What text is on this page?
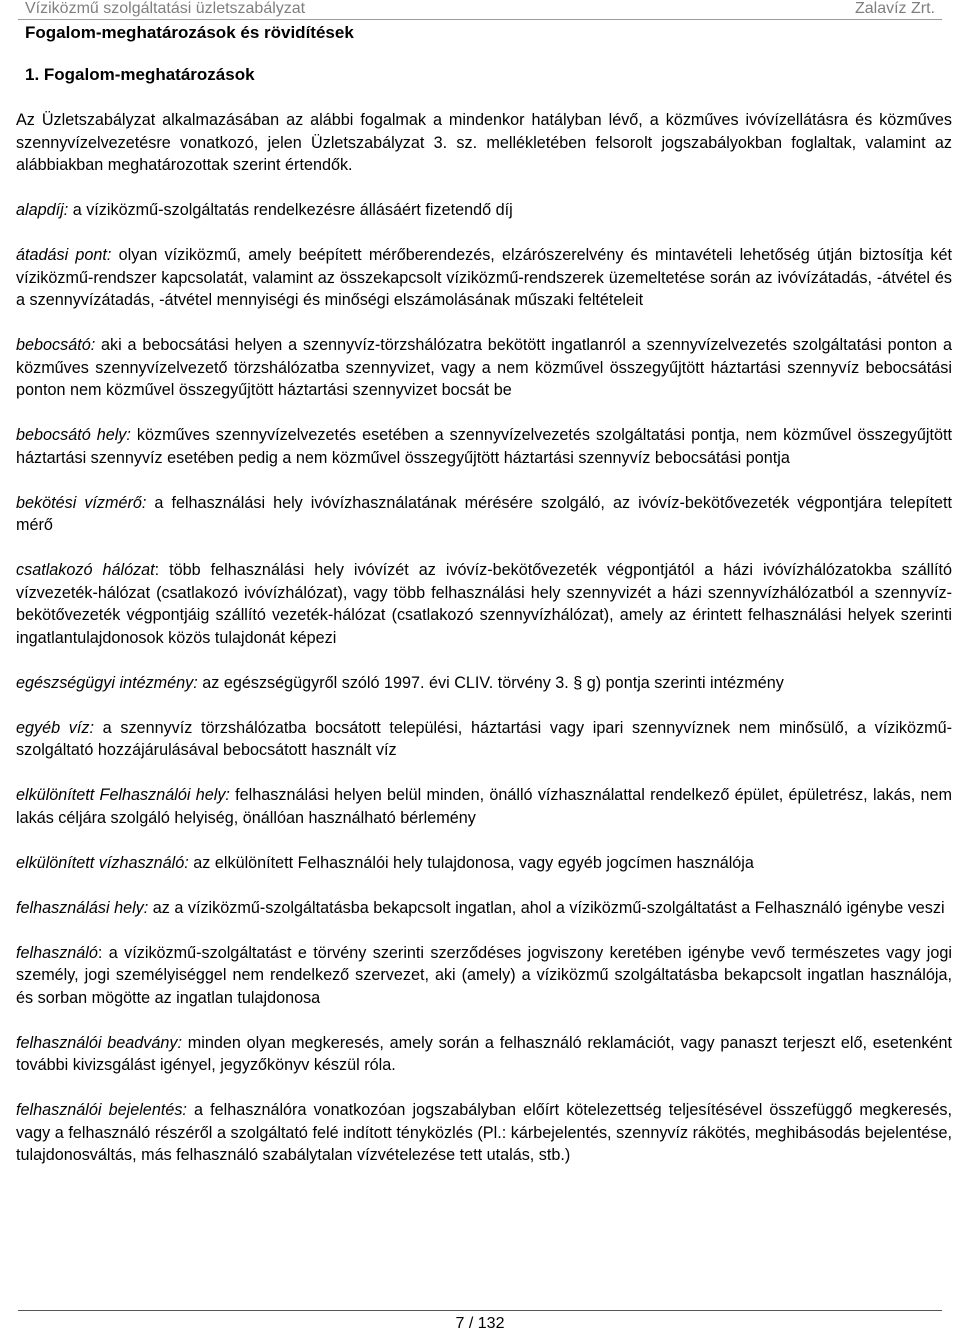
Víziközmű szolgáltatási üzletszabályzat	Zalavíz Zrt.
Fogalom-meghatározások és rövidítések
1. Fogalom-meghatározások

Az Üzletszabályzat alkalmazásában az alábbi fogalmak a mindenkor hatályban lévő, a közműves ivóvízellátásra és közműves szennyvízelvezetésre vonatkozó, jelen Üzletszabályzat 3. sz. mellékletében felsorolt jogszabályokban foglaltak, valamint az alábbiakban meghatározottak szerint értendők.

alapdíj: a víziközmű-szolgáltatás rendelkezésre állásáért fizetendő díj

átadási pont: olyan víziközmű, amely beépített mérőberendezés, elzárószerelvény és mintavételi lehetőség útján biztosítja két víziközmű-rendszer kapcsolatát, valamint az összekapcsolt víziközmű-rendszerek üzemeltetése során az ivóvízátadás, -átvétel és a szennyvízátadás, -átvétel mennyiségi és minőségi elszámolásának műszaki feltételeit

bebocsátó: aki a bebocsátási helyen a szennyvíz-törzshálózatra bekötött ingatlanról a szennyvízelvezetés szolgáltatási ponton a közműves szennyvízelvezető törzshálózatba szennyvizet, vagy a nem közművel összegyűjtött háztartási szennyvíz bebocsátási ponton nem közművel összegyűjtött háztartási szennyvizet bocsát be

bebocsátó hely: közműves szennyvízelvezetés esetében a szennyvízelvezetés szolgáltatási pontja, nem közművel összegyűjtött háztartási szennyvíz esetében pedig a nem közművel összegyűjtött háztartási szennyvíz bebocsátási pontja

bekötési vízmérő: a felhasználási hely ivóvízhasználatának mérésére szolgáló, az ivóvíz-bekötővezeték végpontjára telepített mérő

csatlakozó hálózat: több felhasználási hely ivóvízét az ivóvíz-bekötővezeték végpontjától a házi ivóvízhálózatokba szállító vízvezeték-hálózat (csatlakozó ivóvízhálózat), vagy több felhasználási hely szennyvizét a házi szennyvízhálózatból a szennyvíz-bekötővezeték végpontjáig szállító vezeték-hálózat (csatlakozó szennyvízhálózat), amely az érintett felhasználási helyek szerinti ingatlantulajdonosok közös tulajdonát képezi

egészségügyi intézmény: az egészségügyről szóló 1997. évi CLIV. törvény 3. § g) pontja szerinti intézmény

egyéb víz: a szennyvíz törzshálózatba bocsátott települési, háztartási vagy ipari szennyvíznek nem minősülő, a víziközmű-szolgáltató hozzájárulásával bebocsátott használt víz

elkülönített Felhasználói hely: felhasználási helyen belül minden, önálló vízhasználattal rendelkező épület, épületrész, lakás, nem lakás céljára szolgáló helyiség, önállóan használható bérlemény

elkülönített vízhasználó: az elkülönített Felhasználói hely tulajdonosa, vagy egyéb jogcímen használója

felhasználási hely: az a víziközmű-szolgáltatásba bekapcsolt ingatlan, ahol a víziközmű-szolgáltatást a Felhasználó igénybe veszi

felhasználó: a víziközmű-szolgáltatást e törvény szerinti szerződéses jogviszony keretében igénybe vevő természetes vagy jogi személy, jogi személyiséggel nem rendelkező szervezet, aki (amely) a víziközmű szolgáltatásba bekapcsolt ingatlan használója, és sorban mögötte az ingatlan tulajdonosa

felhasználói beadvány: minden olyan megkeresés, amely során a felhasználó reklamációt, vagy panaszt terjeszt elő, esetenként további kivizsgálást igényel, jegyzőkönyv készül róla.

felhasználói bejelentés: a felhasználóra vonatkozóan jogszabályban előírt kötelezettség teljesítésével összefüggő megkeresés, vagy a felhasználó részéről a szolgáltató felé indított tényközlés (Pl.: kárbejelentés, szennyvíz rákötés, meghibásodás bejelentése, tulajdonosváltás, más felhasználó szabálytalan vízvételezése tett utalás, stb.)

7 / 132
